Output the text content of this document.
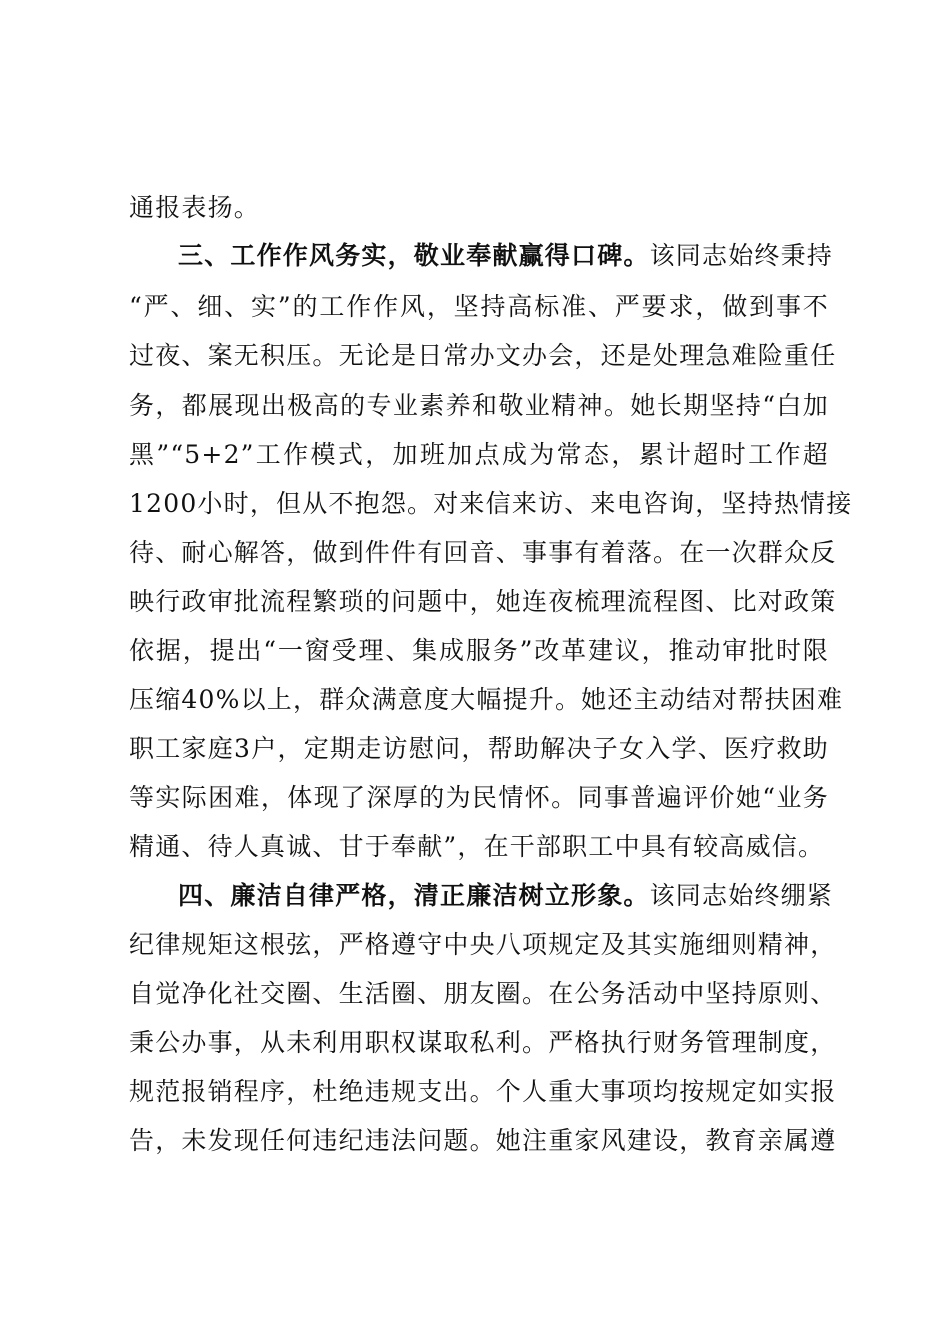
通报表扬。
三、工作作风务实，敬业奉献赢得口碑。该同志始终秉持
“严、细、实”的工作作风，坚持高标准、严要求，做到事不
过夜、案无积压。无论是日常办文办会，还是处理急难险重任
务，都展现出极高的专业素养和敬业精神。她长期坚持“白加
黑”“5+2”工作模式，加班加点成为常态，累计超时工作超
1200小时，但从不抱怨。对来信来访、来电咨询，坚持热情接
待、耐心解答，做到件件有回音、事事有着落。在一次群众反
映行政审批流程繁琐的问题中，她连夜梳理流程图、比对政策
依据，提出“一窗受理、集成服务”改革建议，推动审批时限
压缩40%以上，群众满意度大幅提升。她还主动结对帮扶困难
职工家庭3户，定期走访慰问，帮助解决子女入学、医疗救助
等实际困难，体现了深厚的为民情怀。同事普遍评价她“业务
精通、待人真诚、甘于奉献”，在干部职工中具有较高威信。
四、廉洁自律严格，清正廉洁树立形象。该同志始终绷紧
纪律规矩这根弦，严格遵守中央八项规定及其实施细则精神，
自觉净化社交圈、生活圈、朋友圈。在公务活动中坚持原则、
秉公办事，从未利用职权谋取私利。严格执行财务管理制度，
规范报销程序，杜绝违规支出。个人重大事项均按规定如实报
告，未发现任何违纪违法问题。她注重家风建设，教育亲属遵
